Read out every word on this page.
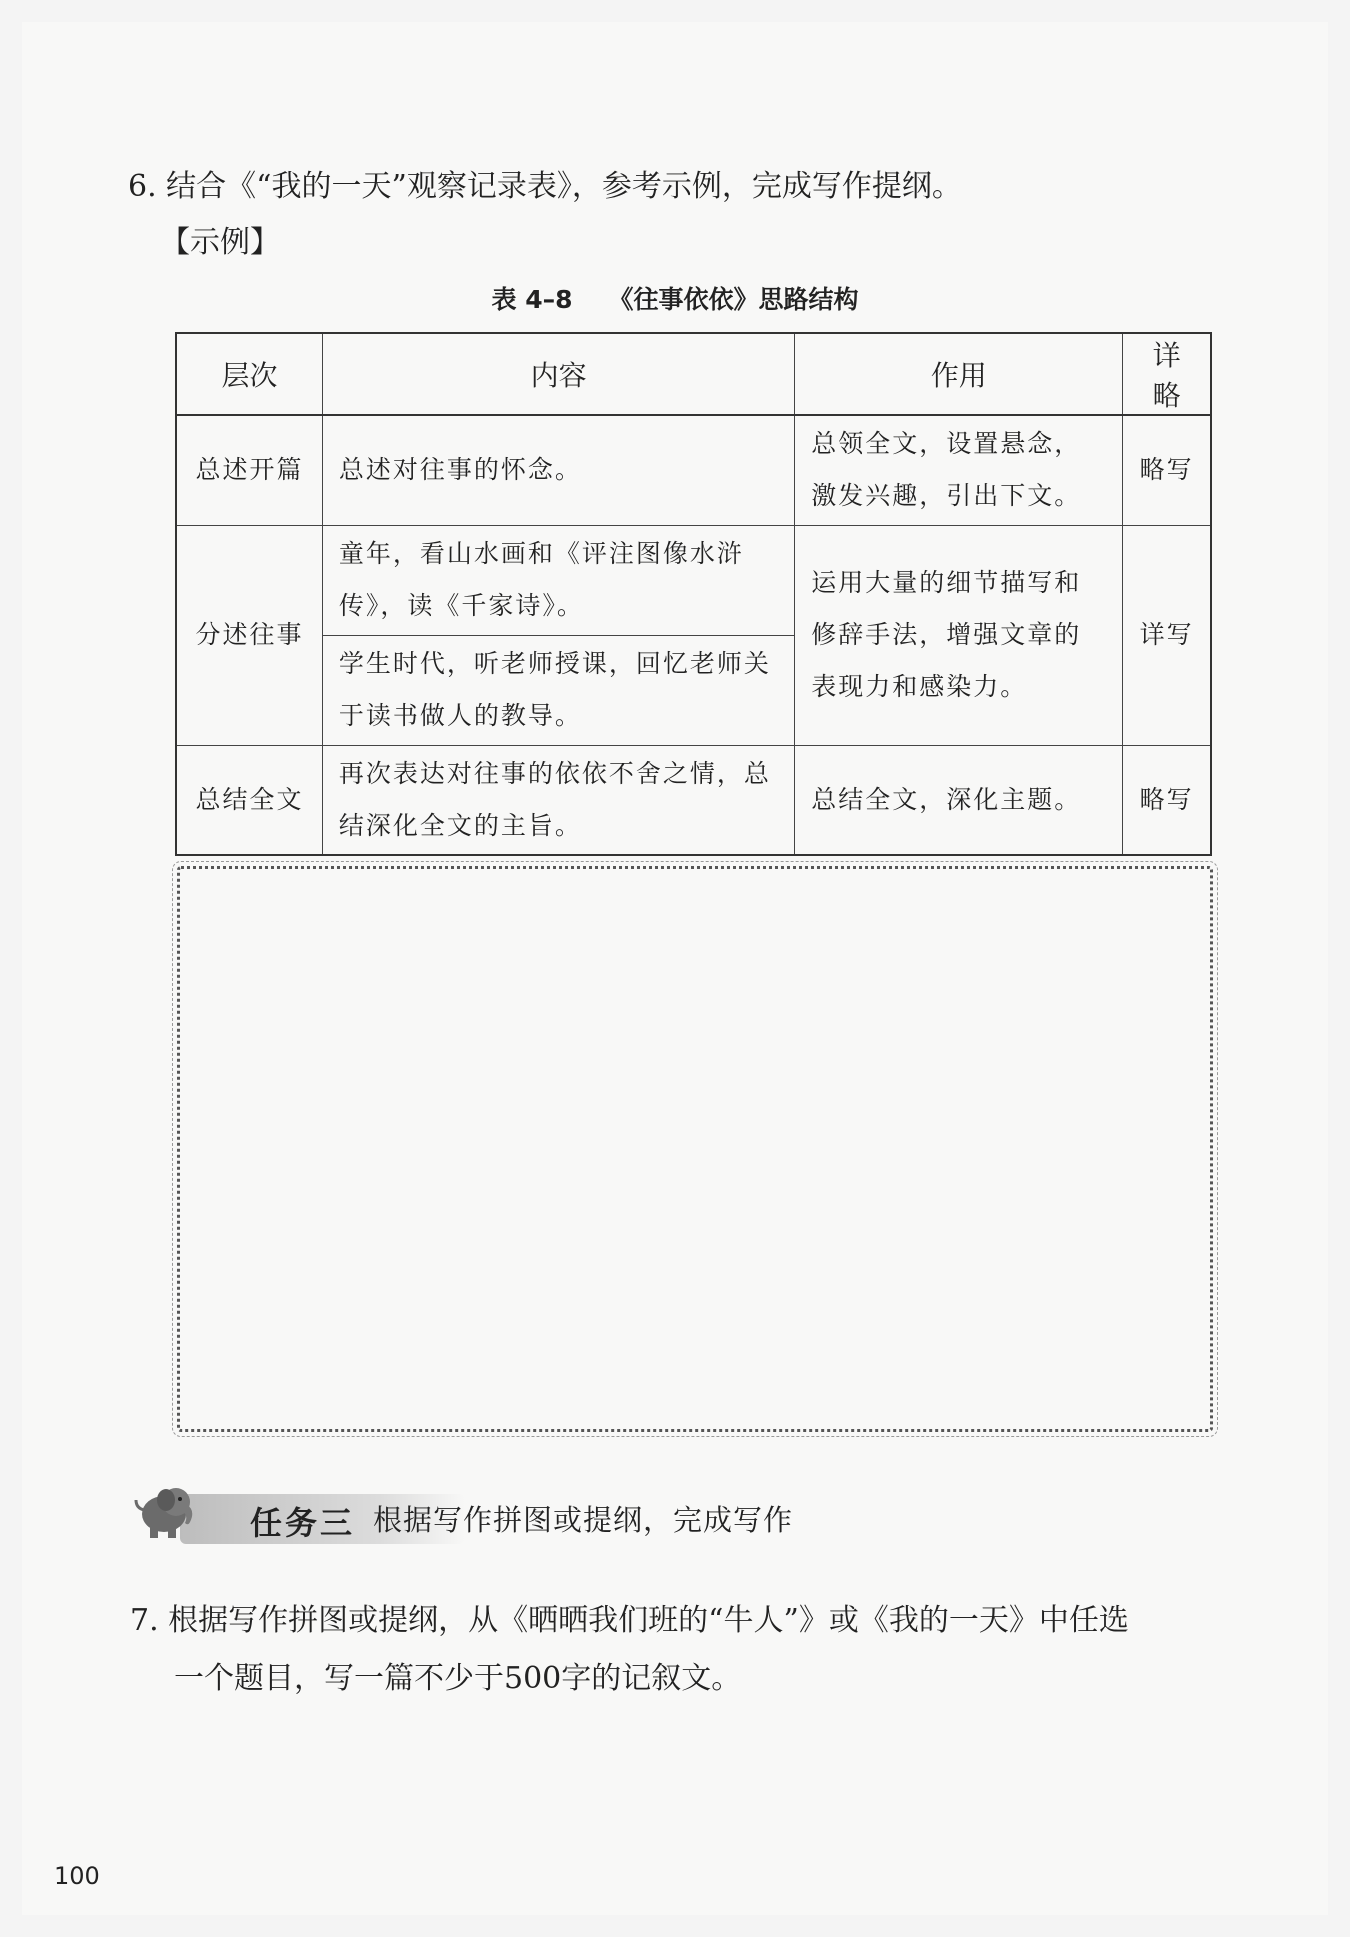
6. 结合《“我的一天”观察记录表》，参考示例，完成写作提纲。
【示例】
表 4–8 《往事依依》思路结构
层次	内容	作用	详略
总述开篇	总述对往事的怀念。	总领全文，设置悬念，激发兴趣，引出下文。	略写
分述往事	童年，看山水画和《评注图像水浒传》，读《千家诗》。	运用大量的细节描写和修辞手法，增强文章的表现力和感染力。	详写
	学生时代，听老师授课，回忆老师关于读书做人的教导。		
总结全文	再次表达对往事的依依不舍之情，总结深化全文的主旨。	总结全文，深化主题。	略写
任务三 根据写作拼图或提纲，完成写作
7. 根据写作拼图或提纲，从《晒晒我们班的“牛人”》或《我的一天》中任选
一个题目，写一篇不少于500字的记叙文。
100
